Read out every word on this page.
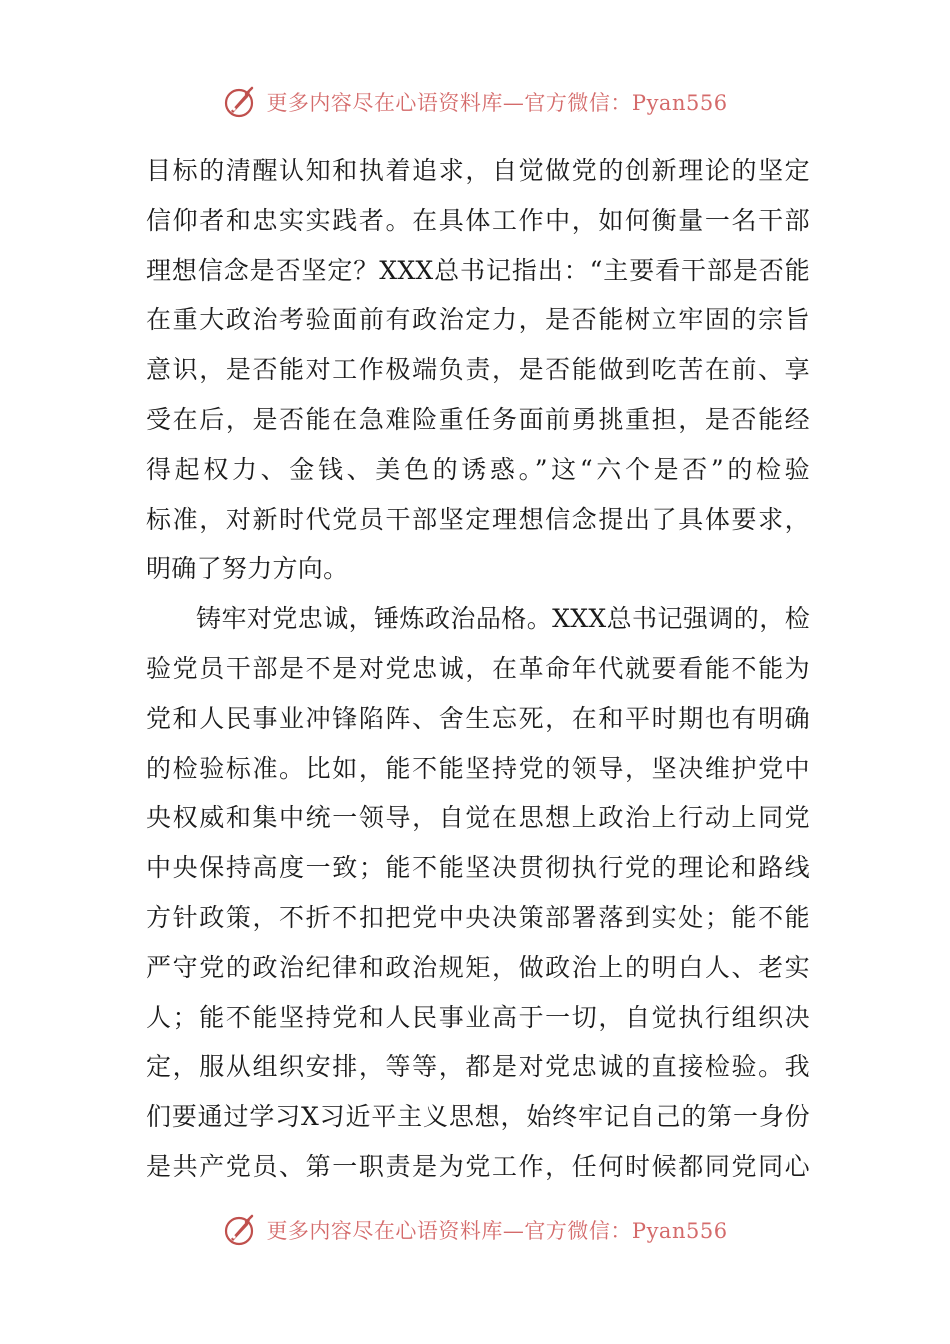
更多内容尽在心语资料库—官方微信：Pyan556
目标的清醒认知和执着追求，自觉做党的创新理论的坚定
信仰者和忠实实践者。在具体工作中，如何衡量一名干部
理想信念是否坚定？XXX总书记指出：“主要看干部是否能
在重大政治考验面前有政治定力，是否能树立牢固的宗旨
意识，是否能对工作极端负责，是否能做到吃苦在前、享
受在后，是否能在急难险重任务面前勇挑重担，是否能经
得起权力、金钱、美色的诱惑。”这“六个是否”的检验
标准，对新时代党员干部坚定理想信念提出了具体要求，
明确了努力方向。
铸牢对党忠诚，锤炼政治品格。XXX总书记强调的，检
验党员干部是不是对党忠诚，在革命年代就要看能不能为
党和人民事业冲锋陷阵、舍生忘死，在和平时期也有明确
的检验标准。比如，能不能坚持党的领导，坚决维护党中
央权威和集中统一领导，自觉在思想上政治上行动上同党
中央保持高度一致；能不能坚决贯彻执行党的理论和路线
方针政策，不折不扣把党中央决策部署落到实处；能不能
严守党的政治纪律和政治规矩，做政治上的明白人、老实
人；能不能坚持党和人民事业高于一切，自觉执行组织决
定，服从组织安排，等等，都是对党忠诚的直接检验。我
们要通过学习X习近平主义思想，始终牢记自己的第一身份
是共产党员、第一职责是为党工作，任何时候都同党同心
更多内容尽在心语资料库—官方微信：Pyan556
